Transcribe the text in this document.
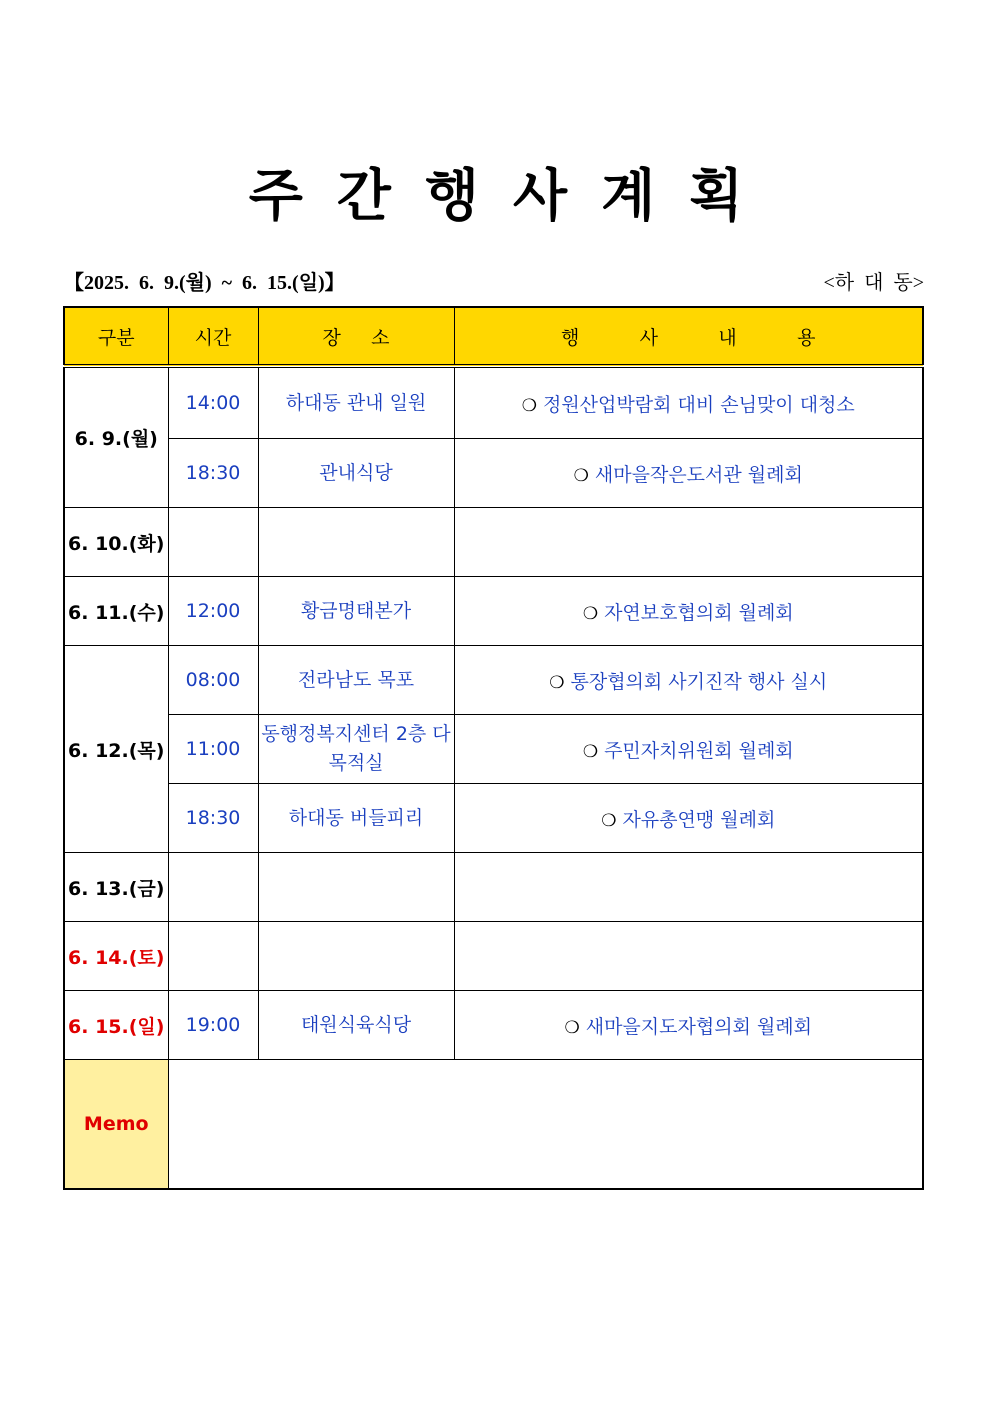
주간행사계획
【2025.  6.  9.(월)  ~  6.  15.(일)】	<하  대  동>
구분	시간	장     소	행          사          내          용
6. 9.(월)	14:00	하대동 관내 일원	❍ 정원산업박람회 대비 손님맞이 대청소
	18:30	관내식당	❍ 새마을작은도서관 월례회
6. 10.(화)			
6. 11.(수)	12:00	황금명태본가	❍ 자연보호협의회 월례회
6. 12.(목)	08:00	전라남도 목포	❍ 통장협의회 사기진작 행사 실시
	11:00	동행정복지센터 2층 다목적실	❍ 주민자치위원회 월례회
	18:30	하대동 버들피리	❍ 자유총연맹 월례회
6. 13.(금)			
6. 14.(토)			
6. 15.(일)	19:00	태원식육식당	❍ 새마을지도자협의회 월례회
Memo			
